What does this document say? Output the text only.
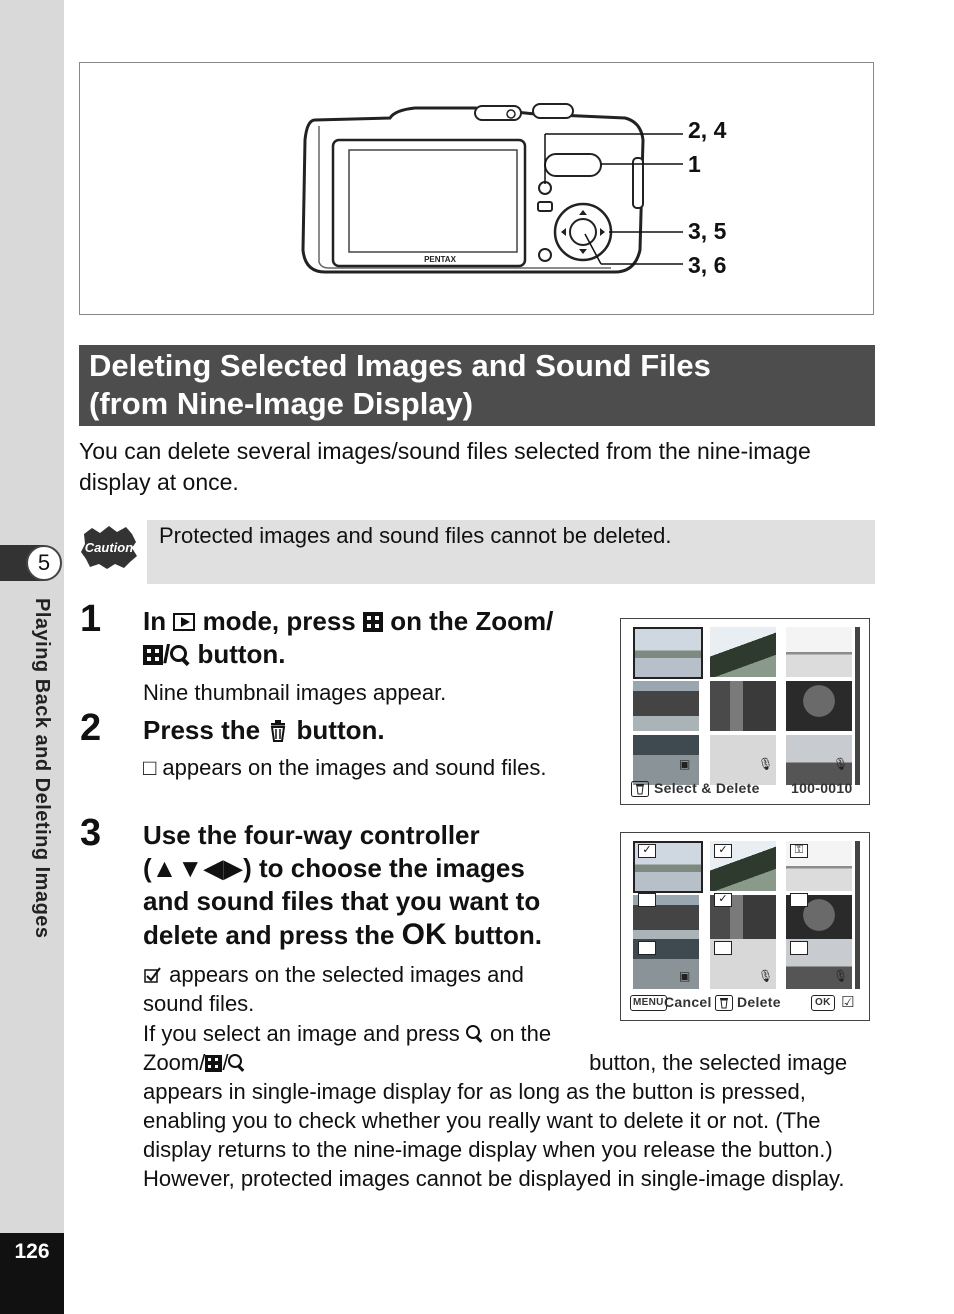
5
Playing Back and Deleting Images
126
PENTAX
2, 4
1
3, 5
3, 6
Deleting Selected Images and Sound Files
(from Nine-Image Display)
You can delete several images/sound files selected from the nine-image display at once.
Caution Protected images and sound files cannot be deleted.
1 In
mode, press  on the Zoom/
/
button.
Nine thumbnail images appear.
2 Press the  button.
□ appears on the images and sound files.	▣	🎙	🎙
Select & Delete 100-0010
3 Use the four-way controller
(▲▼◀▶) to choose the images
and sound files that you want to
delete and press the OK button.
appears on the selected images and sound files.
If you select an image and press
on the Zoom/ /	button, the selected image appears in single-image display for as long as the button is pressed, enabling you to check whether you really want to delete it or not. (The display returns to the nine-image display when you release the button.) However, protected images cannot be displayed in single-image display.
✓	✓	⚿
✓
▣	🎙	🎙
MENU Cancel Delete	OK ☑
